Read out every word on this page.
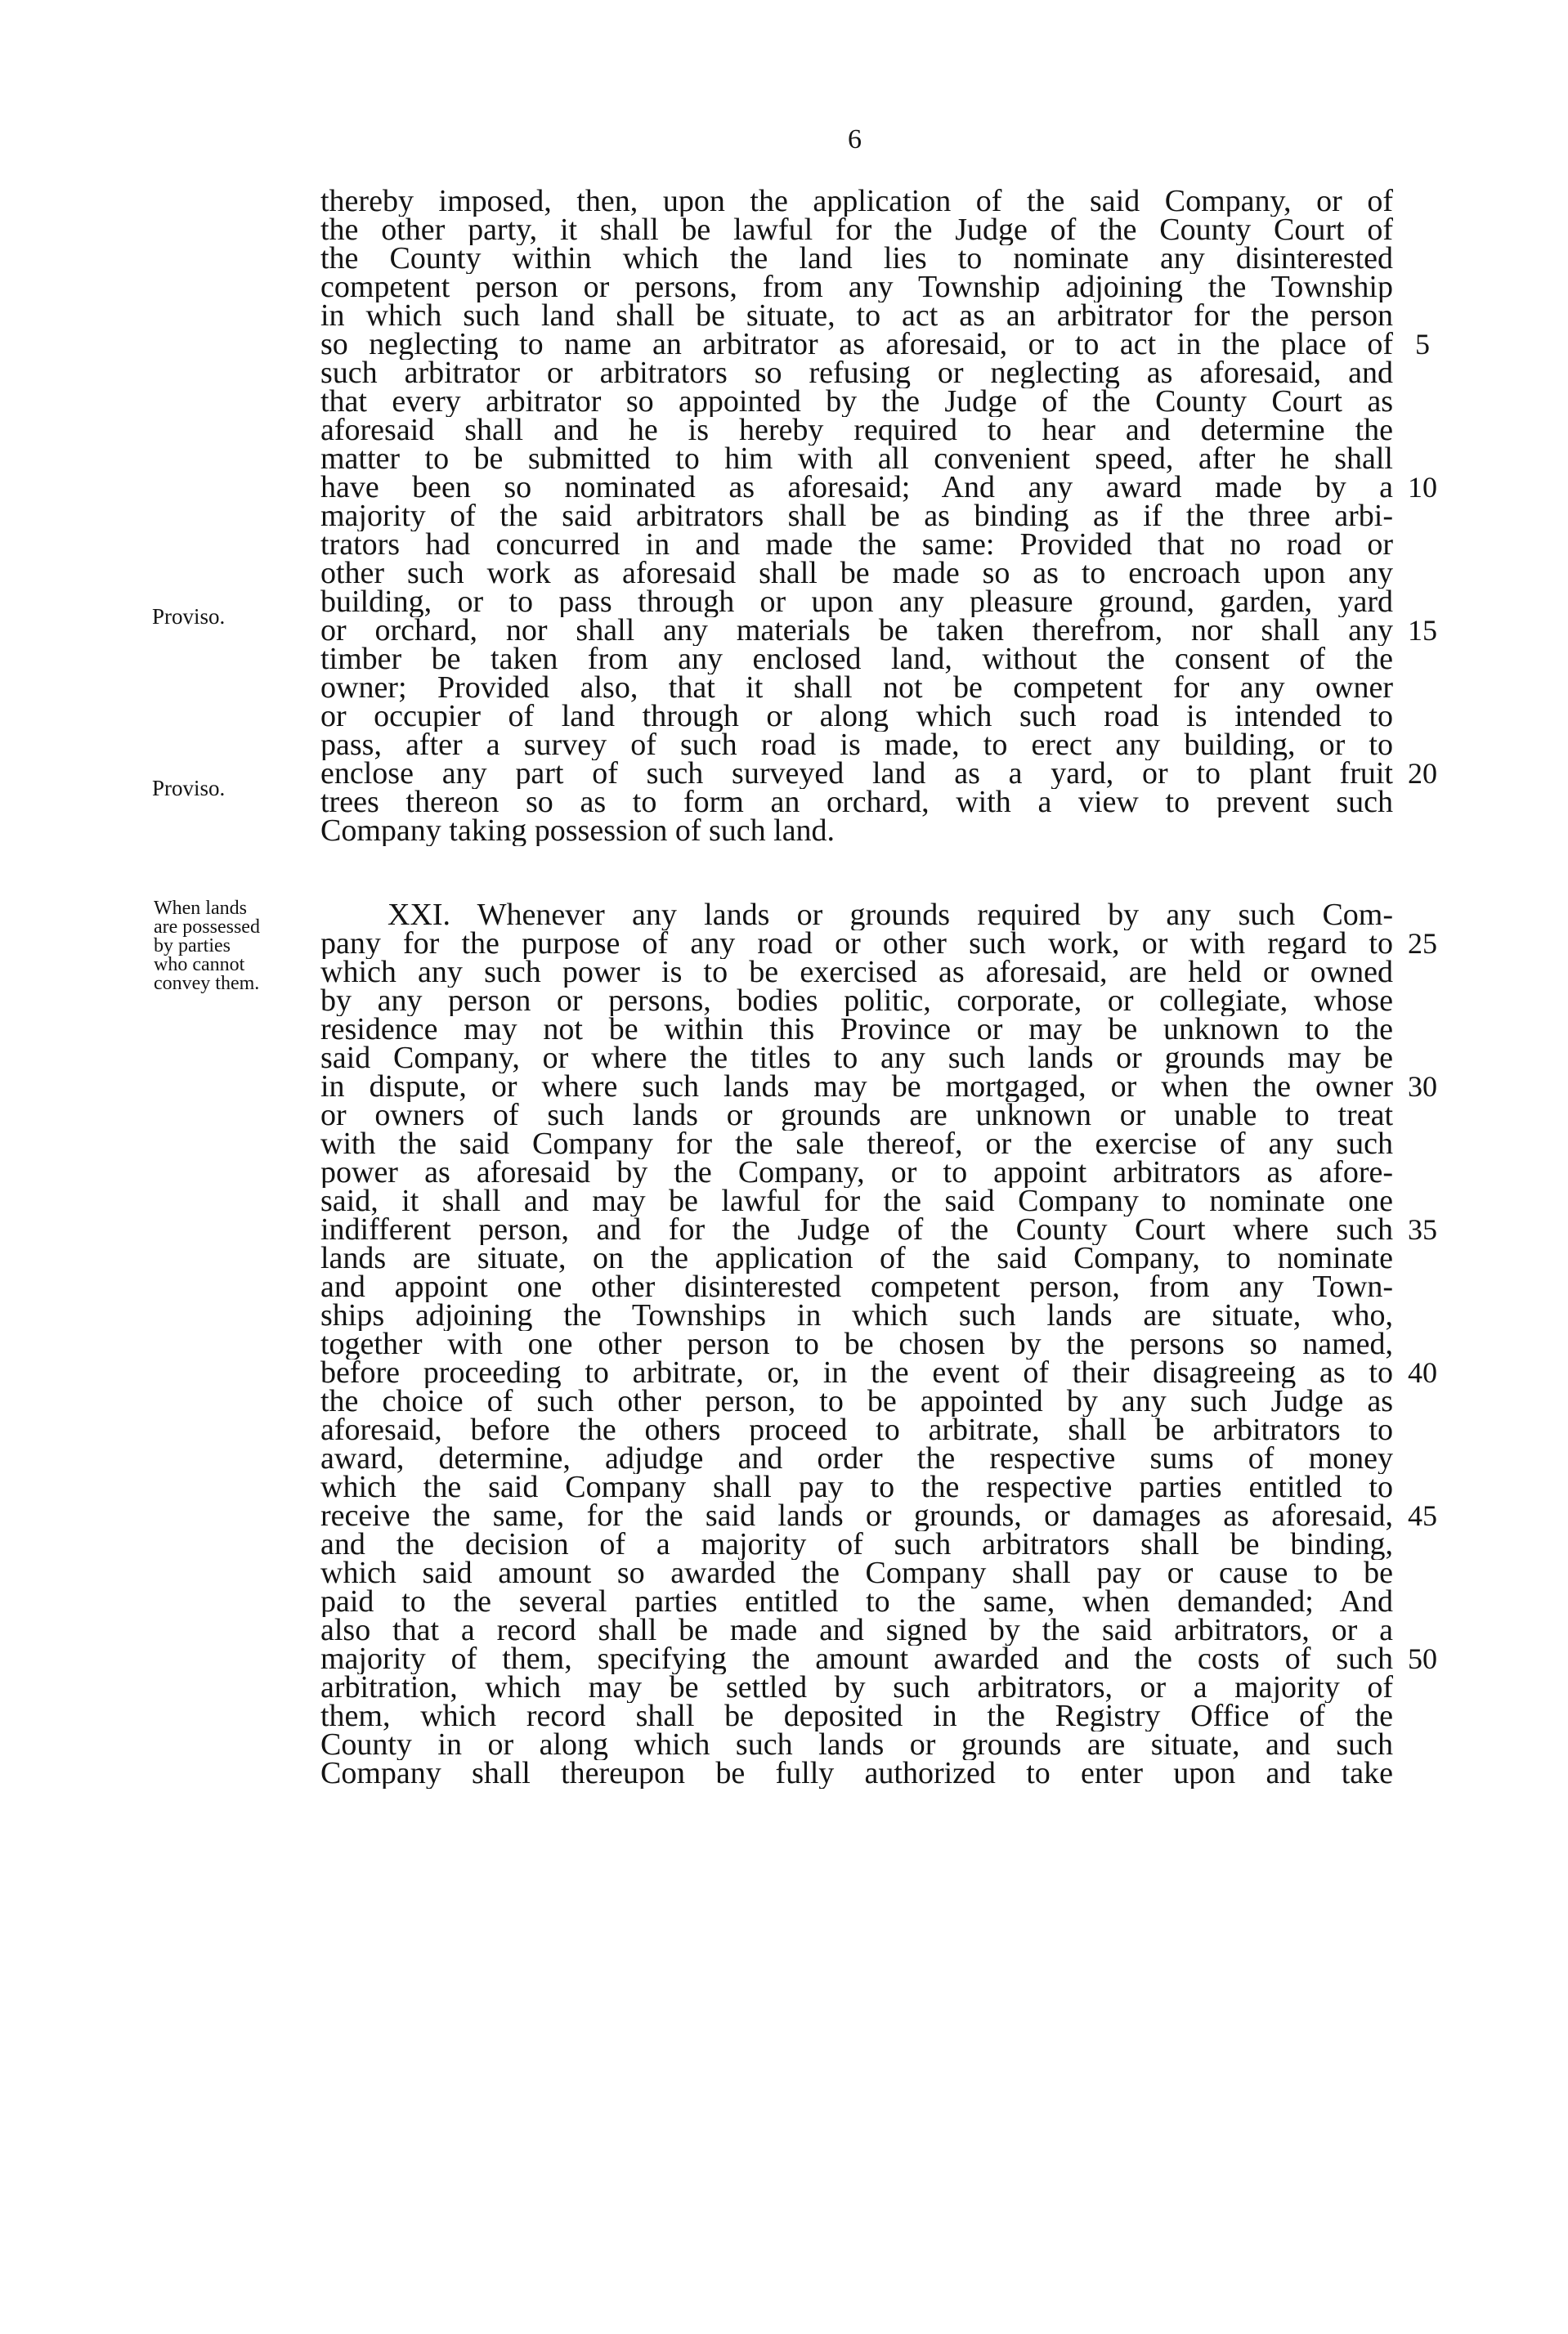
6
thereby imposed, then, upon the application of the said Company, or of
the other party, it shall be lawful for the Judge of the County Court of
the County within which the land lies to nominate any disinterested
competent person or persons, from any Township adjoining the Township
in which such land shall be situate, to act as an arbitrator for the person
so neglecting to name an arbitrator as aforesaid, or to act in the place of
such arbitrator or arbitrators so refusing or neglecting as aforesaid, and
that every arbitrator so appointed by the Judge of the County Court as
aforesaid shall and he is hereby required to hear and determine the
matter to be submitted to him with all convenient speed, after he shall
have been so nominated as aforesaid; And any award made by a
majority of the said arbitrators shall be as binding as if the three arbi-
trators had concurred in and made the same: Provided that no road or
other such work as aforesaid shall be made so as to encroach upon any
building, or to pass through or upon any pleasure ground, garden, yard
or orchard, nor shall any materials be taken therefrom, nor shall any
timber be taken from any enclosed land, without the consent of the
owner; Provided also, that it shall not be competent for any owner
or occupier of land through or along which such road is intended to
pass, after a survey of such road is made, to erect any building, or to
enclose any part of such surveyed land as a yard, or to plant fruit
trees thereon so as to form an orchard, with a view to prevent such
Company taking possession of such land.
XXI. Whenever any lands or grounds required by any such Com-
pany for the purpose of any road or other such work, or with regard to
which any such power is to be exercised as aforesaid, are held or owned
by any person or persons, bodies politic, corporate, or collegiate, whose
residence may not be within this Province or may be unknown to the
said Company, or where the titles to any such lands or grounds may be
in dispute, or where such lands may be mortgaged, or when the owner
or owners of such lands or grounds are unknown or unable to treat
with the said Company for the sale thereof, or the exercise of any such
power as aforesaid by the Company, or to appoint arbitrators as afore-
said, it shall and may be lawful for the said Company to nominate one
indifferent person, and for the Judge of the County Court where such
lands are situate, on the application of the said Company, to nominate
and appoint one other disinterested competent person, from any Town-
ships adjoining the Townships in which such lands are situate, who,
together with one other person to be chosen by the persons so named,
before proceeding to arbitrate, or, in the event of their disagreeing as to
the choice of such other person, to be appointed by any such Judge as
aforesaid, before the others proceed to arbitrate, shall be arbitrators to
award, determine, adjudge and order the respective sums of money
which the said Company shall pay to the respective parties entitled to
receive the same, for the said lands or grounds, or damages as aforesaid,
and the decision of a majority of such arbitrators shall be binding,
which said amount so awarded the Company shall pay or cause to be
paid to the several parties entitled to the same, when demanded; And
also that a record shall be made and signed by the said arbitrators, or a
majority of them, specifying the amount awarded and the costs of such
arbitration, which may be settled by such arbitrators, or a majority of
them, which record shall be deposited in the Registry Office of the
County in or along which such lands or grounds are situate, and such
Company shall thereupon be fully authorized to enter upon and take
5
10
15
20
25
30
35
40
45
50
Proviso.
Proviso.
When lands
are possessed
by parties
who cannot
convey them.
